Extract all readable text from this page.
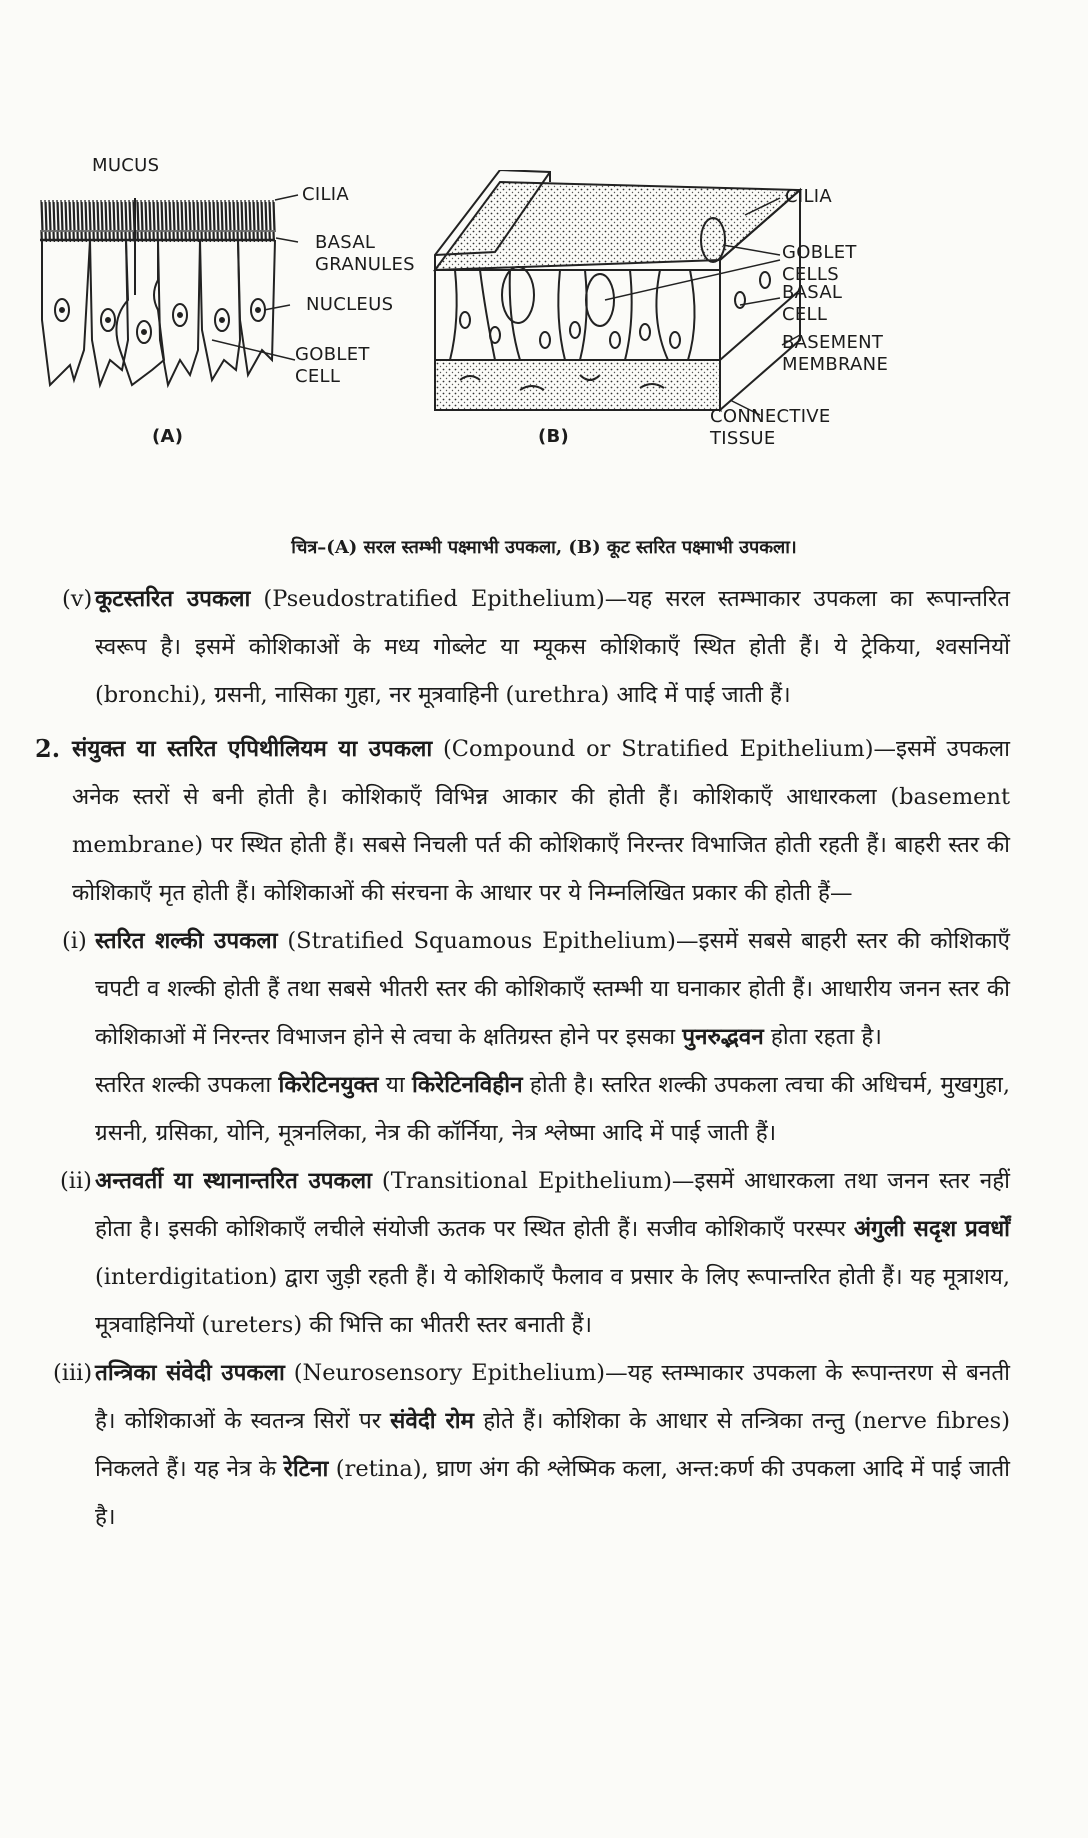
MUCUS
CILIA
BASAL
GRANULES
NUCLEUS
GOBLET
CELL
(A)
CILIA
GOBLET
CELLS
BASAL
CELL
BASEMENT
MEMBRANE
CONNECTIVE
TISSUE
(B)
चित्र–(A) सरल स्तम्भी पक्ष्माभी उपकला, (B) कूट स्तरित पक्ष्माभी उपकला।
(v) कूटस्तरित उपकला (Pseudostratified Epithelium)—यह सरल स्तम्भाकार उपकला का रूपान्तरित स्वरूप है। इसमें कोशिकाओं के मध्य गोब्लेट या म्यूकस कोशिकाएँ स्थित होती हैं। ये ट्रेकिया, श्वसनियों (bronchi), ग्रसनी, नासिका गुहा, नर मूत्रवाहिनी (urethra) आदि में पाई जाती हैं।
2. संयुक्त या स्तरित एपिथीलियम या उपकला (Compound or Stratified Epithelium)—इसमें उपकला अनेक स्तरों से बनी होती है। कोशिकाएँ विभिन्न आकार की होती हैं। कोशिकाएँ आधारकला (basement membrane) पर स्थित होती हैं। सबसे निचली पर्त की कोशिकाएँ निरन्तर विभाजित होती रहती हैं। बाहरी स्तर की कोशिकाएँ मृत होती हैं। कोशिकाओं की संरचना के आधार पर ये निम्नलिखित प्रकार की होती हैं—
(i) स्तरित शल्की उपकला (Stratified Squamous Epithelium)—इसमें सबसे बाहरी स्तर की कोशिकाएँ चपटी व शल्की होती हैं तथा सबसे भीतरी स्तर की कोशिकाएँ स्तम्भी या घनाकार होती हैं। आधारीय जनन स्तर की कोशिकाओं में निरन्तर विभाजन होने से त्वचा के क्षतिग्रस्त होने पर इसका पुनरुद्भवन होता रहता है।
स्तरित शल्की उपकला किरेटिनयुक्त या किरेटिनविहीन होती है। स्तरित शल्की उपकला त्वचा की अधिचर्म, मुखगुहा, ग्रसनी, ग्रसिका, योनि, मूत्रनलिका, नेत्र की कॉर्निया, नेत्र श्लेष्मा आदि में पाई जाती हैं।
(ii) अन्तवर्ती या स्थानान्तरित उपकला (Transitional Epithelium)—इसमें आधारकला तथा जनन स्तर नहीं होता है। इसकी कोशिकाएँ लचीले संयोजी ऊतक पर स्थित होती हैं। सजीव कोशिकाएँ परस्पर अंगुली सदृश प्रवर्धों (interdigitation) द्वारा जुड़ी रहती हैं। ये कोशिकाएँ फैलाव व प्रसार के लिए रूपान्तरित होती हैं। यह मूत्राशय, मूत्रवाहिनियों (ureters) की भित्ति का भीतरी स्तर बनाती हैं।
(iii) तन्त्रिका संवेदी उपकला (Neurosensory Epithelium)—यह स्तम्भाकार उपकला के रूपान्तरण से बनती है। कोशिकाओं के स्वतन्त्र सिरों पर संवेदी रोम होते हैं। कोशिका के आधार से तन्त्रिका तन्तु (nerve fibres) निकलते हैं। यह नेत्र के रेटिना (retina), घ्राण अंग की श्लेष्मिक कला, अन्त:कर्ण की उपकला आदि में पाई जाती है।
